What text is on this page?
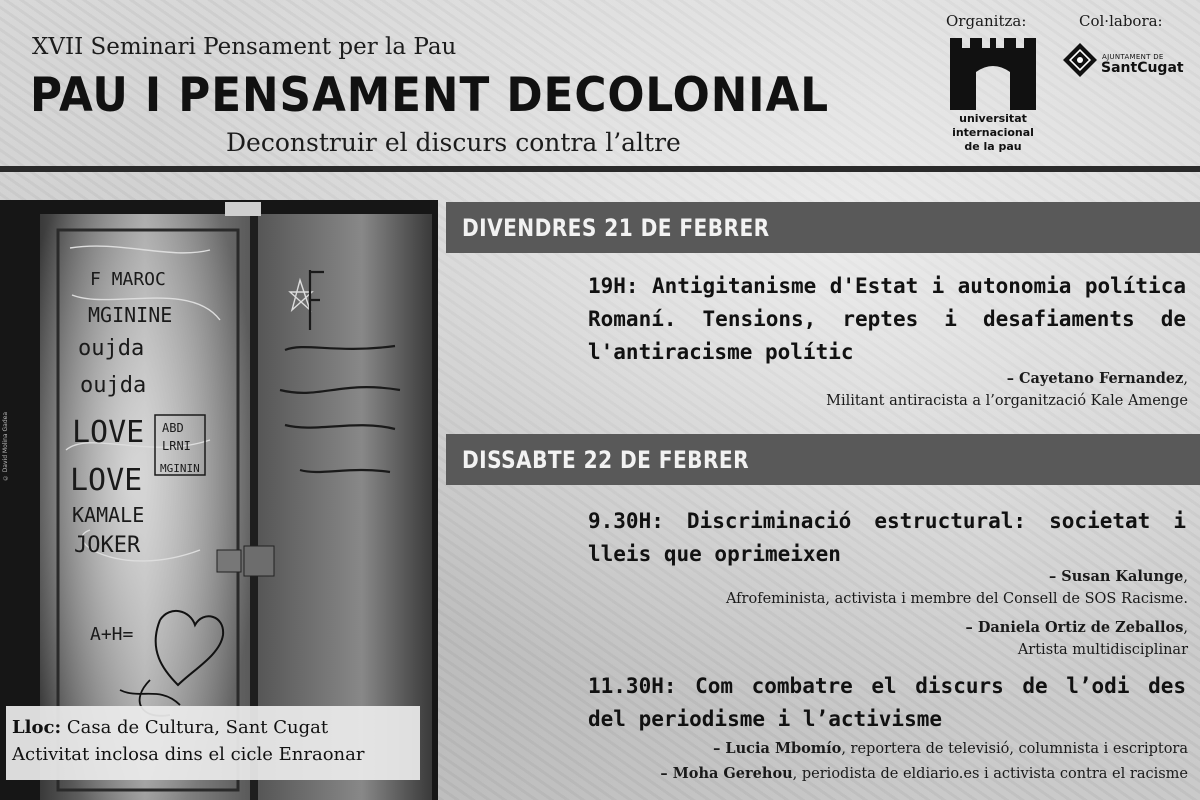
XVII Seminari Pensament per la Pau
PAU I PENSAMENT DECOLONIAL
Deconstruir el discurs contra l’altre
Organitza:	Col·labora:
universitat
internacional
de la pau
AJUNTAMENT DE
SantCugat
F MAROC
MGININE
oujda
oujda
LOVE
LOVE
KAMALE
JOKER
ABD
LRNI
MGININ
A+H=
© David Molina Gadea
Lloc: Casa de Cultura, Sant Cugat
Activitat inclosa dins el cicle Enraonar
DIVENDRES 21 DE FEBRER
19H: Antigitanisme d'Estat i autonomia política Romaní. Tensions, reptes i desafiaments de l'antiracisme polític
– Cayetano Fernandez,
Militant antiracista a l’organització Kale Amenge
DISSABTE 22 DE FEBRER
9.30H: Discriminació estructural: societat i lleis que oprimeixen
– Susan Kalunge,
Afrofeminista, activista i membre del Consell de SOS Racisme.
– Daniela Ortiz de Zeballos,
Artista multidisciplinar
11.30H: Com combatre el discurs de l’odi des del periodisme i l’activisme
– Lucia Mbomío, reportera de televisió, columnista i escriptora
– Moha Gerehou, periodista de eldiario.es i activista contra el racisme
